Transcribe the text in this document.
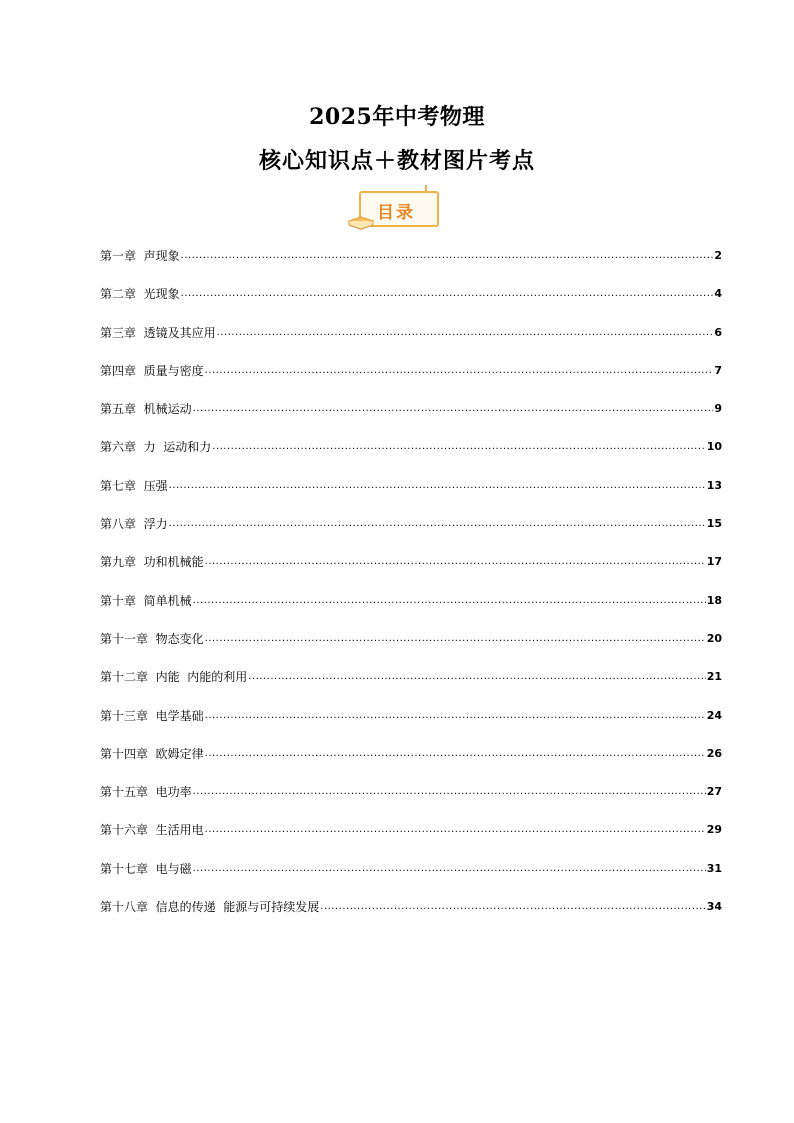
2025年中考物理
核心知识点＋教材图片考点
目录
第一章  声现象 .....	2
第二章  光现象 .....	4
第三章  透镜及其应用 .....	6
第四章  质量与密度 .....	7
第五章  机械运动 .....	9
第六章  力  运动和力 .....	10
第七章  压强 .....	13
第八章  浮力 .....	15
第九章  功和机械能 .....	17
第十章  简单机械 .....	18
第十一章  物态变化 .....	20
第十二章  内能  内能的利用 .....	21
第十三章  电学基础 .....	24
第十四章  欧姆定律 .....	26
第十五章  电功率 .....	27
第十六章  生活用电 .....	29
第十七章  电与磁 .....	31
第十八章  信息的传递  能源与可持续发展 .....	34
